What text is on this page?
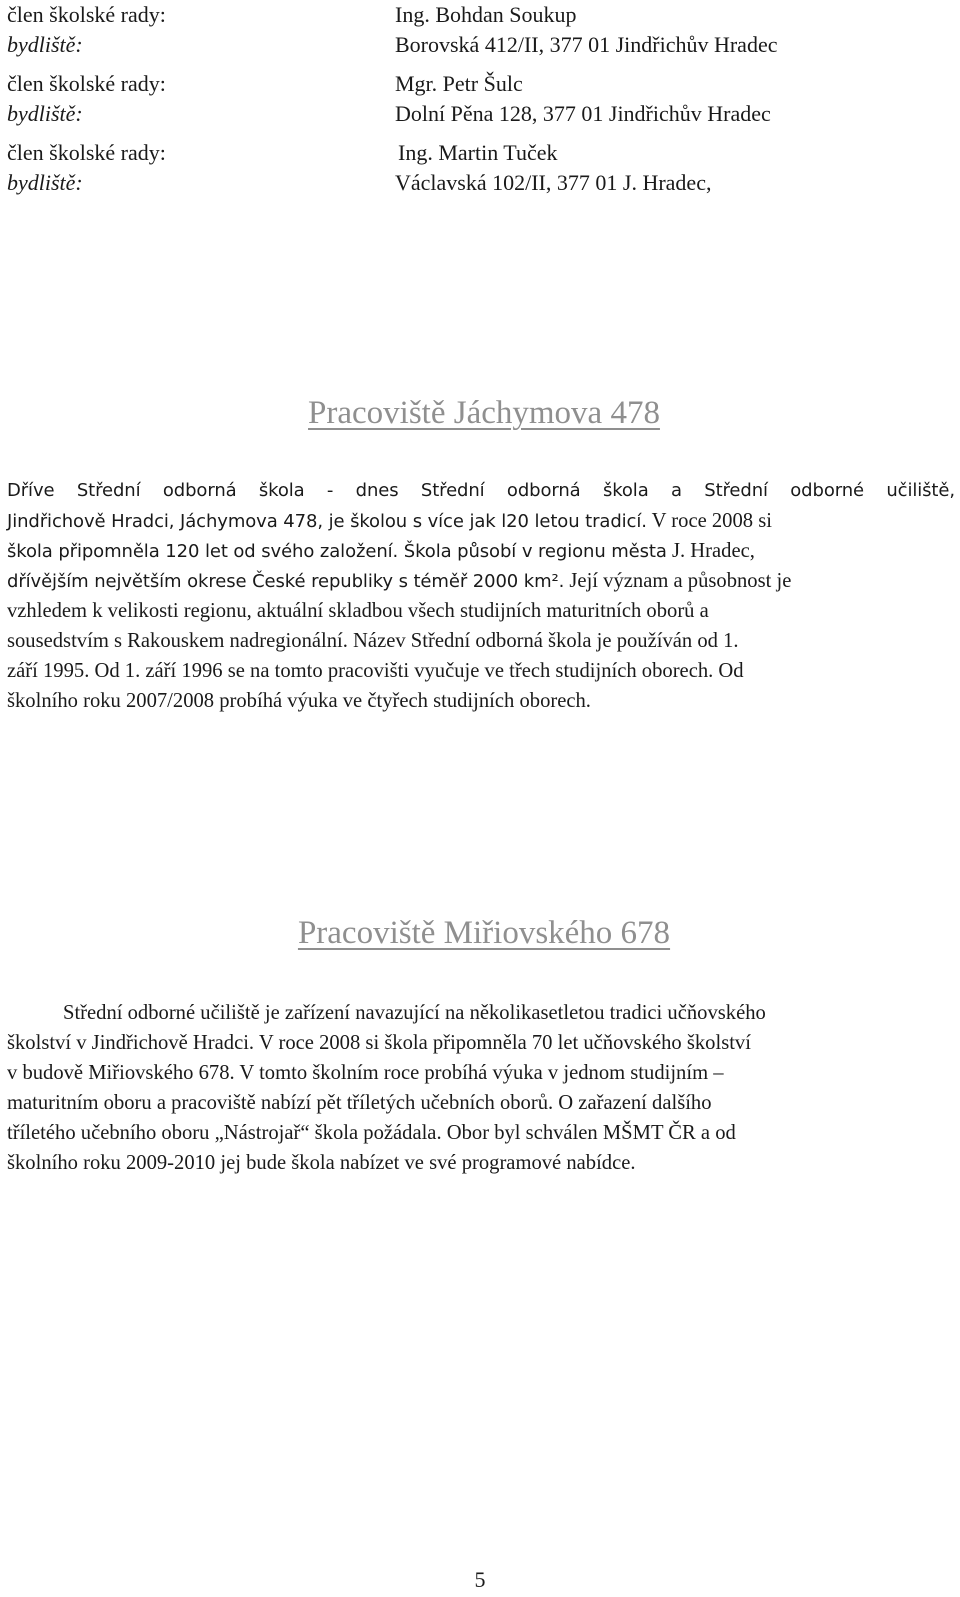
člen školské rady:	Ing. Bohdan Soukup
bydliště:	Borovská 412/II, 377 01 Jindřichův Hradec
člen školské rady:	Mgr. Petr Šulc
bydliště:	Dolní Pěna 128, 377 01 Jindřichův Hradec
člen školské rady:	Ing. Martin Tuček
bydliště:	Václavská 102/II, 377 01 J. Hradec,
Pracoviště Jáchymova 478
Dříve Střední odborná škola - dnes Střední odborná škola a Střední odborné učiliště,
Jindřichově Hradci, Jáchymova 478, je školou s více jak l20 letou tradicí. V roce 2008 si
škola připomněla 120 let od svého založení. Škola působí v regionu města J. Hradec,
dřívějším největším okrese České republiky s téměř 2000 km². Její význam a působnost je
vzhledem k velikosti regionu, aktuální skladbou všech studijních maturitních oborů a
sousedstvím s Rakouskem nadregionální. Název Střední odborná škola je používán od 1.
září 1995. Od 1. září 1996 se na tomto pracovišti vyučuje ve třech studijních oborech. Od
školního roku 2007/2008 probíhá výuka ve čtyřech studijních oborech.
Pracoviště Miřiovského 678
Střední odborné učiliště je zařízení navazující na několikasetletou tradici učňovského
školství v Jindřichově Hradci. V roce 2008 si škola připomněla 70 let učňovského školství
v budově Miřiovského 678. V tomto školním roce probíhá výuka v jednom studijním –
maturitním oboru a pracoviště nabízí pět tříletých učebních oborů. O zařazení dalšího
tříletého učebního oboru „Nástrojař“ škola požádala. Obor byl schválen MŠMT ČR a od
školního roku 2009-2010 jej bude škola nabízet ve své programové nabídce.
5
